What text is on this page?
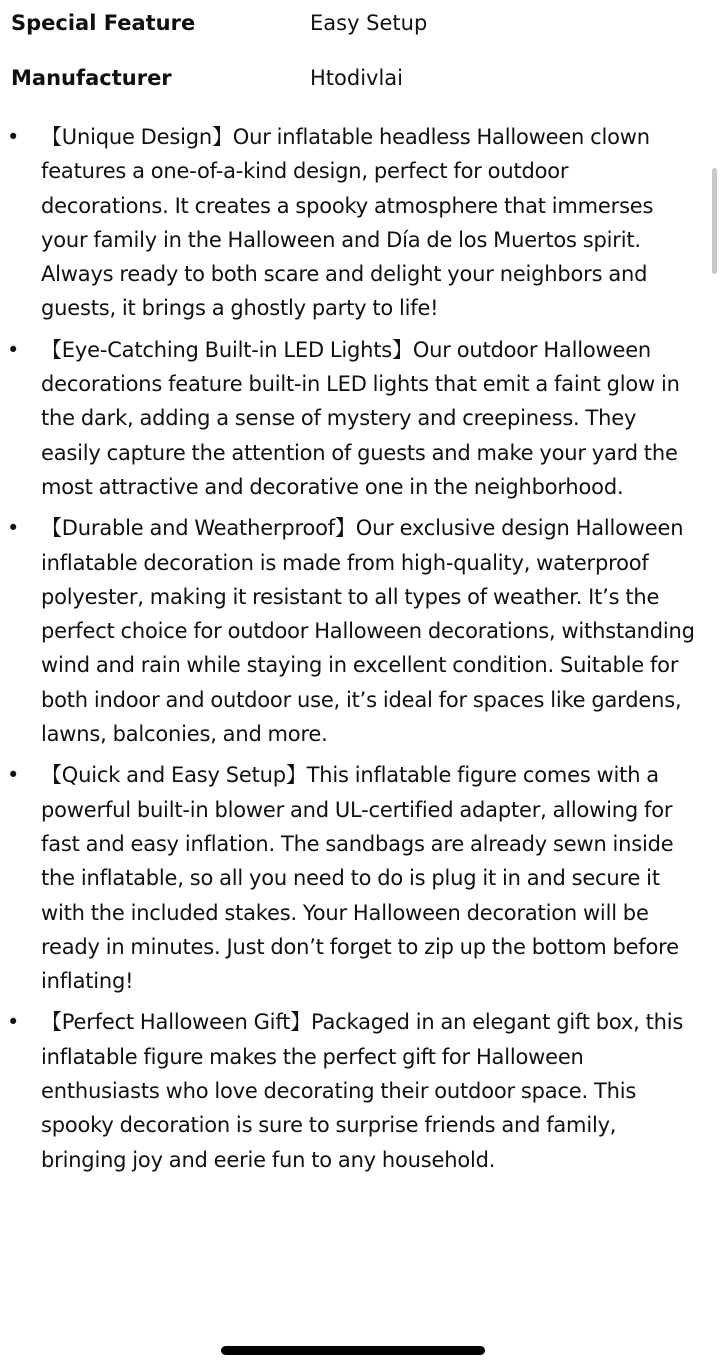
Special Feature	Easy Setup
Manufacturer	Htodivlai
• 【Unique Design】Our inflatable headless Halloween clown features a one-of-a-kind design, perfect for outdoor decorations. It creates a spooky atmosphere that immerses your family in the Halloween and Día de los Muertos spirit. Always ready to both scare and delight your neighbors and guests, it brings a ghostly party to life!
• 【Eye-Catching Built-in LED Lights】Our outdoor Halloween decorations feature built-in LED lights that emit a faint glow in the dark, adding a sense of mystery and creepiness. They easily capture the attention of guests and make your yard the most attractive and decorative one in the neighborhood.
• 【Durable and Weatherproof】Our exclusive design Halloween inflatable decoration is made from high-quality, waterproof polyester, making it resistant to all types of weather. It’s the perfect choice for outdoor Halloween decorations, withstanding wind and rain while staying in excellent condition. Suitable for both indoor and outdoor use, it’s ideal for spaces like gardens, lawns, balconies, and more.
• 【Quick and Easy Setup】This inflatable figure comes with a powerful built-in blower and UL-certified adapter, allowing for fast and easy inflation. The sandbags are already sewn inside the inflatable, so all you need to do is plug it in and secure it with the included stakes. Your Halloween decoration will be ready in minutes. Just don’t forget to zip up the bottom before inflating!
• 【Perfect Halloween Gift】Packaged in an elegant gift box, this inflatable figure makes the perfect gift for Halloween enthusiasts who love decorating their outdoor space. This spooky decoration is sure to surprise friends and family, bringing joy and eerie fun to any household.
